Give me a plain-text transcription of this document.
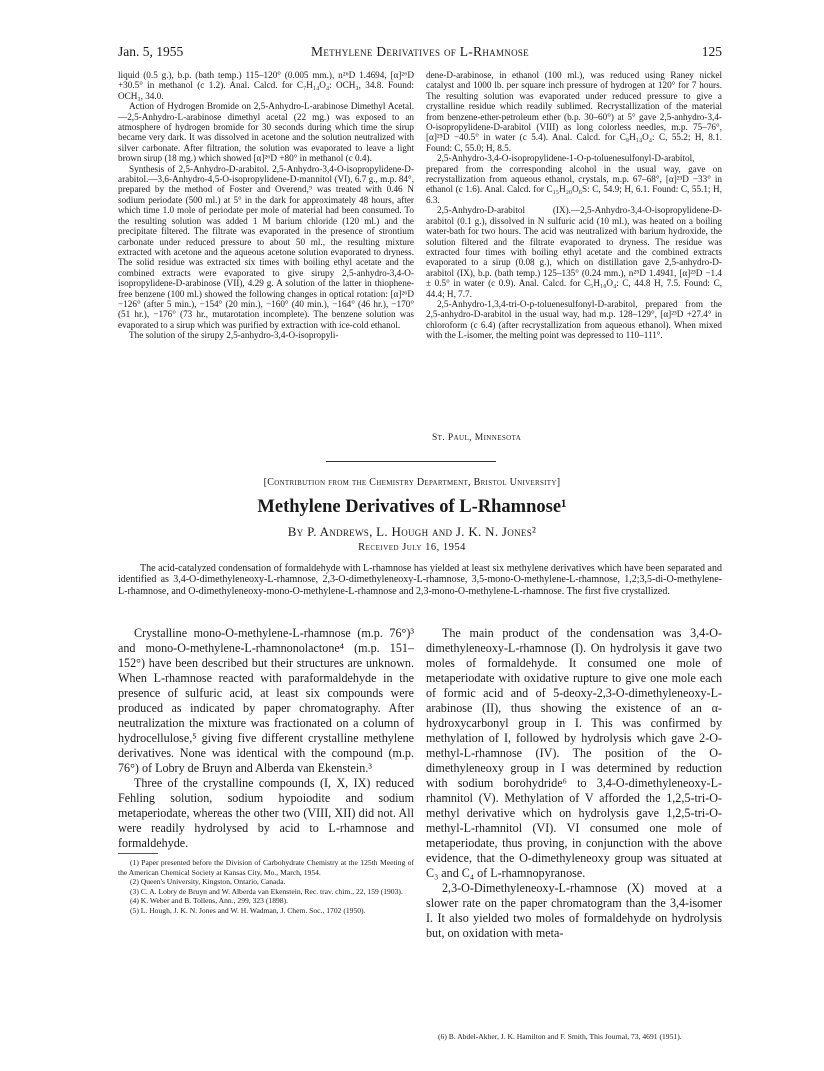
Jan. 5, 1955	Methylene Derivatives of L-Rhamnose	125

liquid (0.5 g.), b.p. (bath temp.) 115–120° (0.005 mm.), n²⁶D 1.4694, [α]²⁶D +30.5° in methanol (c 1.2). Anal. Calcd. for C₇H₁₄O₄: OCH₃, 34.8. Found: OCH₃, 34.0.

Action of Hydrogen Bromide on 2,5-Anhydro-L-arabinose Dimethyl Acetal.—2,5-Anhydro-L-arabinose dimethyl acetal (22 mg.) was exposed to an atmosphere of hydrogen bromide for 30 seconds during which time the sirup became very dark. It was dissolved in acetone and the solution neutralized with silver carbonate. After filtration, the solution was evaporated to leave a light brown sirup (18 mg.) which showed [α]²⁶D +80° in methanol (c 0.4).

Synthesis of 2,5-Anhydro-D-arabitol. 2,5-Anhydro-3,4-O-isopropylidene-D-arabitol.—3,6-Anhydro-4,5-O-isopropylidene-D-mannitol (VI), 6.7 g., m.p. 84°, prepared by the method of Foster and Overend,⁹ was treated with 0.46 N sodium periodate (500 ml.) at 5° in the dark for approximately 48 hours, after which time 1.0 mole of periodate per mole of material had been consumed. To the resulting solution was added 1 M barium chloride (120 ml.) and the precipitate filtered. The filtrate was evaporated in the presence of strontium carbonate under reduced pressure to about 50 ml., the resulting mixture extracted with acetone and the aqueous acetone solution evaporated to dryness. The solid residue was extracted six times with boiling ethyl acetate and the combined extracts were evaporated to give sirupy 2,5-anhydro-3,4-O-isopropylidene-D-arabinose (VII), 4.29 g. A solution of the latter in thiophene-free benzene (100 ml.) showed the following changes in optical rotation: [α]²⁶D −126° (after 5 min.), −154° (20 min.), −160° (40 min.), −164° (46 hr.), −170° (51 hr.), −176° (73 hr., mutarotation incomplete). The benzene solution was evaporated to a sirup which was purified by extraction with ice-cold ethanol.

The solution of the sirupy 2,5-anhydro-3,4-O-isopropyli-

dene-D-arabinose, in ethanol (100 ml.), was reduced using Raney nickel catalyst and 1000 lb. per square inch pressure of hydrogen at 120° for 7 hours. The resulting solution was evaporated under reduced pressure to give a crystalline residue which readily sublimed. Recrystallization of the material from benzene-ether-petroleum ether (b.p. 30–60°) at 5° gave 2,5-anhydro-3,4-O-isopropylidene-D-arabitol (VIII) as long colorless needles, m.p. 75–76°, [α]²⁵D −40.5° in water (c 5.4). Anal. Calcd. for C₈H₁₄O₄: C, 55.2; H, 8.1. Found: C, 55.0; H, 8.5.

2,5-Anhydro-3,4-O-isopropylidene-1-O-p-toluenesulfonyl-D-arabitol, prepared from the corresponding alcohol in the usual way, gave on recrystallization from aqueous ethanol, crystals, m.p. 67–68°, [α]²³D −33° in ethanol (c 1.6). Anal. Calcd. for C₁₅H₂₀O₆S: C, 54.9; H, 6.1. Found: C, 55.1; H, 6.3.

2,5-Anhydro-D-arabitol (IX).—2,5-Anhydro-3,4-O-isopropylidene-D-arabitol (0.1 g.), dissolved in N sulfuric acid (10 ml.), was heated on a boiling water-bath for two hours. The acid was neutralized with barium hydroxide, the solution filtered and the filtrate evaporated to dryness. The residue was extracted four times with boiling ethyl acetate and the combined extracts evaporated to a sirup (0.08 g.), which on distillation gave 2,5-anhydro-D-arabitol (IX), b.p. (bath temp.) 125–135° (0.24 mm.), n²⁵D 1.4941, [α]²³D −1.4 ± 0.5° in water (c 0.9). Anal. Calcd. for C₅H₁₀O₄: C, 44.8 H, 7.5. Found: C, 44.4; H, 7.7.

2,5-Anhydro-1,3,4-tri-O-p-toluenesulfonyl-D-arabitol, prepared from the 2,5-anhydro-D-arabitol in the usual way, had m.p. 128–129°, [α]²³D +27.4° in chloroform (c 6.4) (after recrystallization from aqueous ethanol). When mixed with the L-isomer, the melting point was depressed to 110–111°.

St. Paul, Minnesota
[Contribution from the Chemistry Department, Bristol University]
Methylene Derivatives of L-Rhamnose¹
By P. Andrews, L. Hough and J. K. N. Jones²
Received July 16, 1954

The acid-catalyzed condensation of formaldehyde with L-rhamnose has yielded at least six methylene derivatives which have been separated and identified as 3,4-O-dimethyleneoxy-L-rhamnose, 2,3-O-dimethyleneoxy-L-rhamnose, 3,5-mono-O-methylene-L-rhamnose, 1,2;3,5-di-O-methylene-L-rhamnose, and O-dimethyleneoxy-mono-O-methylene-L-rhamnose and 2,3-mono-O-methylene-L-rhamnose. The first five crystallized.

Crystalline mono-O-methylene-L-rhamnose (m.p. 76°)³ and mono-O-methylene-L-rhamnonolactone⁴ (m.p. 151–152°) have been described but their structures are unknown. When L-rhamnose reacted with paraformaldehyde in the presence of sulfuric acid, at least six compounds were produced as indicated by paper chromatography. After neutralization the mixture was fractionated on a column of hydrocellulose,⁵ giving five different crystalline methylene derivatives. None was identical with the compound (m.p. 76°) of Lobry de Bruyn and Alberda van Ekenstein.³

Three of the crystalline compounds (I, X, IX) reduced Fehling solution, sodium hypoiodite and sodium metaperiodate, whereas the other two (VIII, XII) did not. All were readily hydrolysed by acid to L-rhamnose and formaldehyde.

(1) Paper presented before the Division of Carbohydrate Chemistry at the 125th Meeting of the American Chemical Society at Kansas City, Mo., March, 1954.

(2) Queen's University, Kingston, Ontario, Canada.

(3) C. A. Lobry de Bruyn and W. Alberda van Ekenstein, Rec. trav. chim., 22, 159 (1903).

(4) K. Weber and B. Tollens, Ann., 299, 323 (1898).

(5) L. Hough, J. K. N. Jones and W. H. Wadman, J. Chem. Soc., 1702 (1950).

The main product of the condensation was 3,4-O-dimethyleneoxy-L-rhamnose (I). On hydrolysis it gave two moles of formaldehyde. It consumed one mole of metaperiodate with oxidative rupture to give one mole each of formic acid and of 5-deoxy-2,3-O-dimethyleneoxy-L-arabinose (II), thus showing the existence of an α-hydroxycarbonyl group in I. This was confirmed by methylation of I, followed by hydrolysis which gave 2-O-methyl-L-rhamnose (IV). The position of the O-dimethyleneoxy group in I was determined by reduction with sodium borohydride⁶ to 3,4-O-dimethyleneoxy-L-rhamnitol (V). Methylation of V afforded the 1,2,5-tri-O-methyl derivative which on hydrolysis gave 1,2,5-tri-O-methyl-L-rhamnitol (VI). VI consumed one mole of metaperiodate, thus proving, in conjunction with the above evidence, that the O-dimethyleneoxy group was situated at C₃ and C₄ of L-rhamnopyranose.

2,3-O-Dimethyleneoxy-L-rhamnose (X) moved at a slower rate on the paper chromatogram than the 3,4-isomer I. It also yielded two moles of formaldehyde on hydrolysis but, on oxidation with meta-

(6) B. Abdel-Akher, J. K. Hamilton and F. Smith, This Journal, 73, 4691 (1951).
